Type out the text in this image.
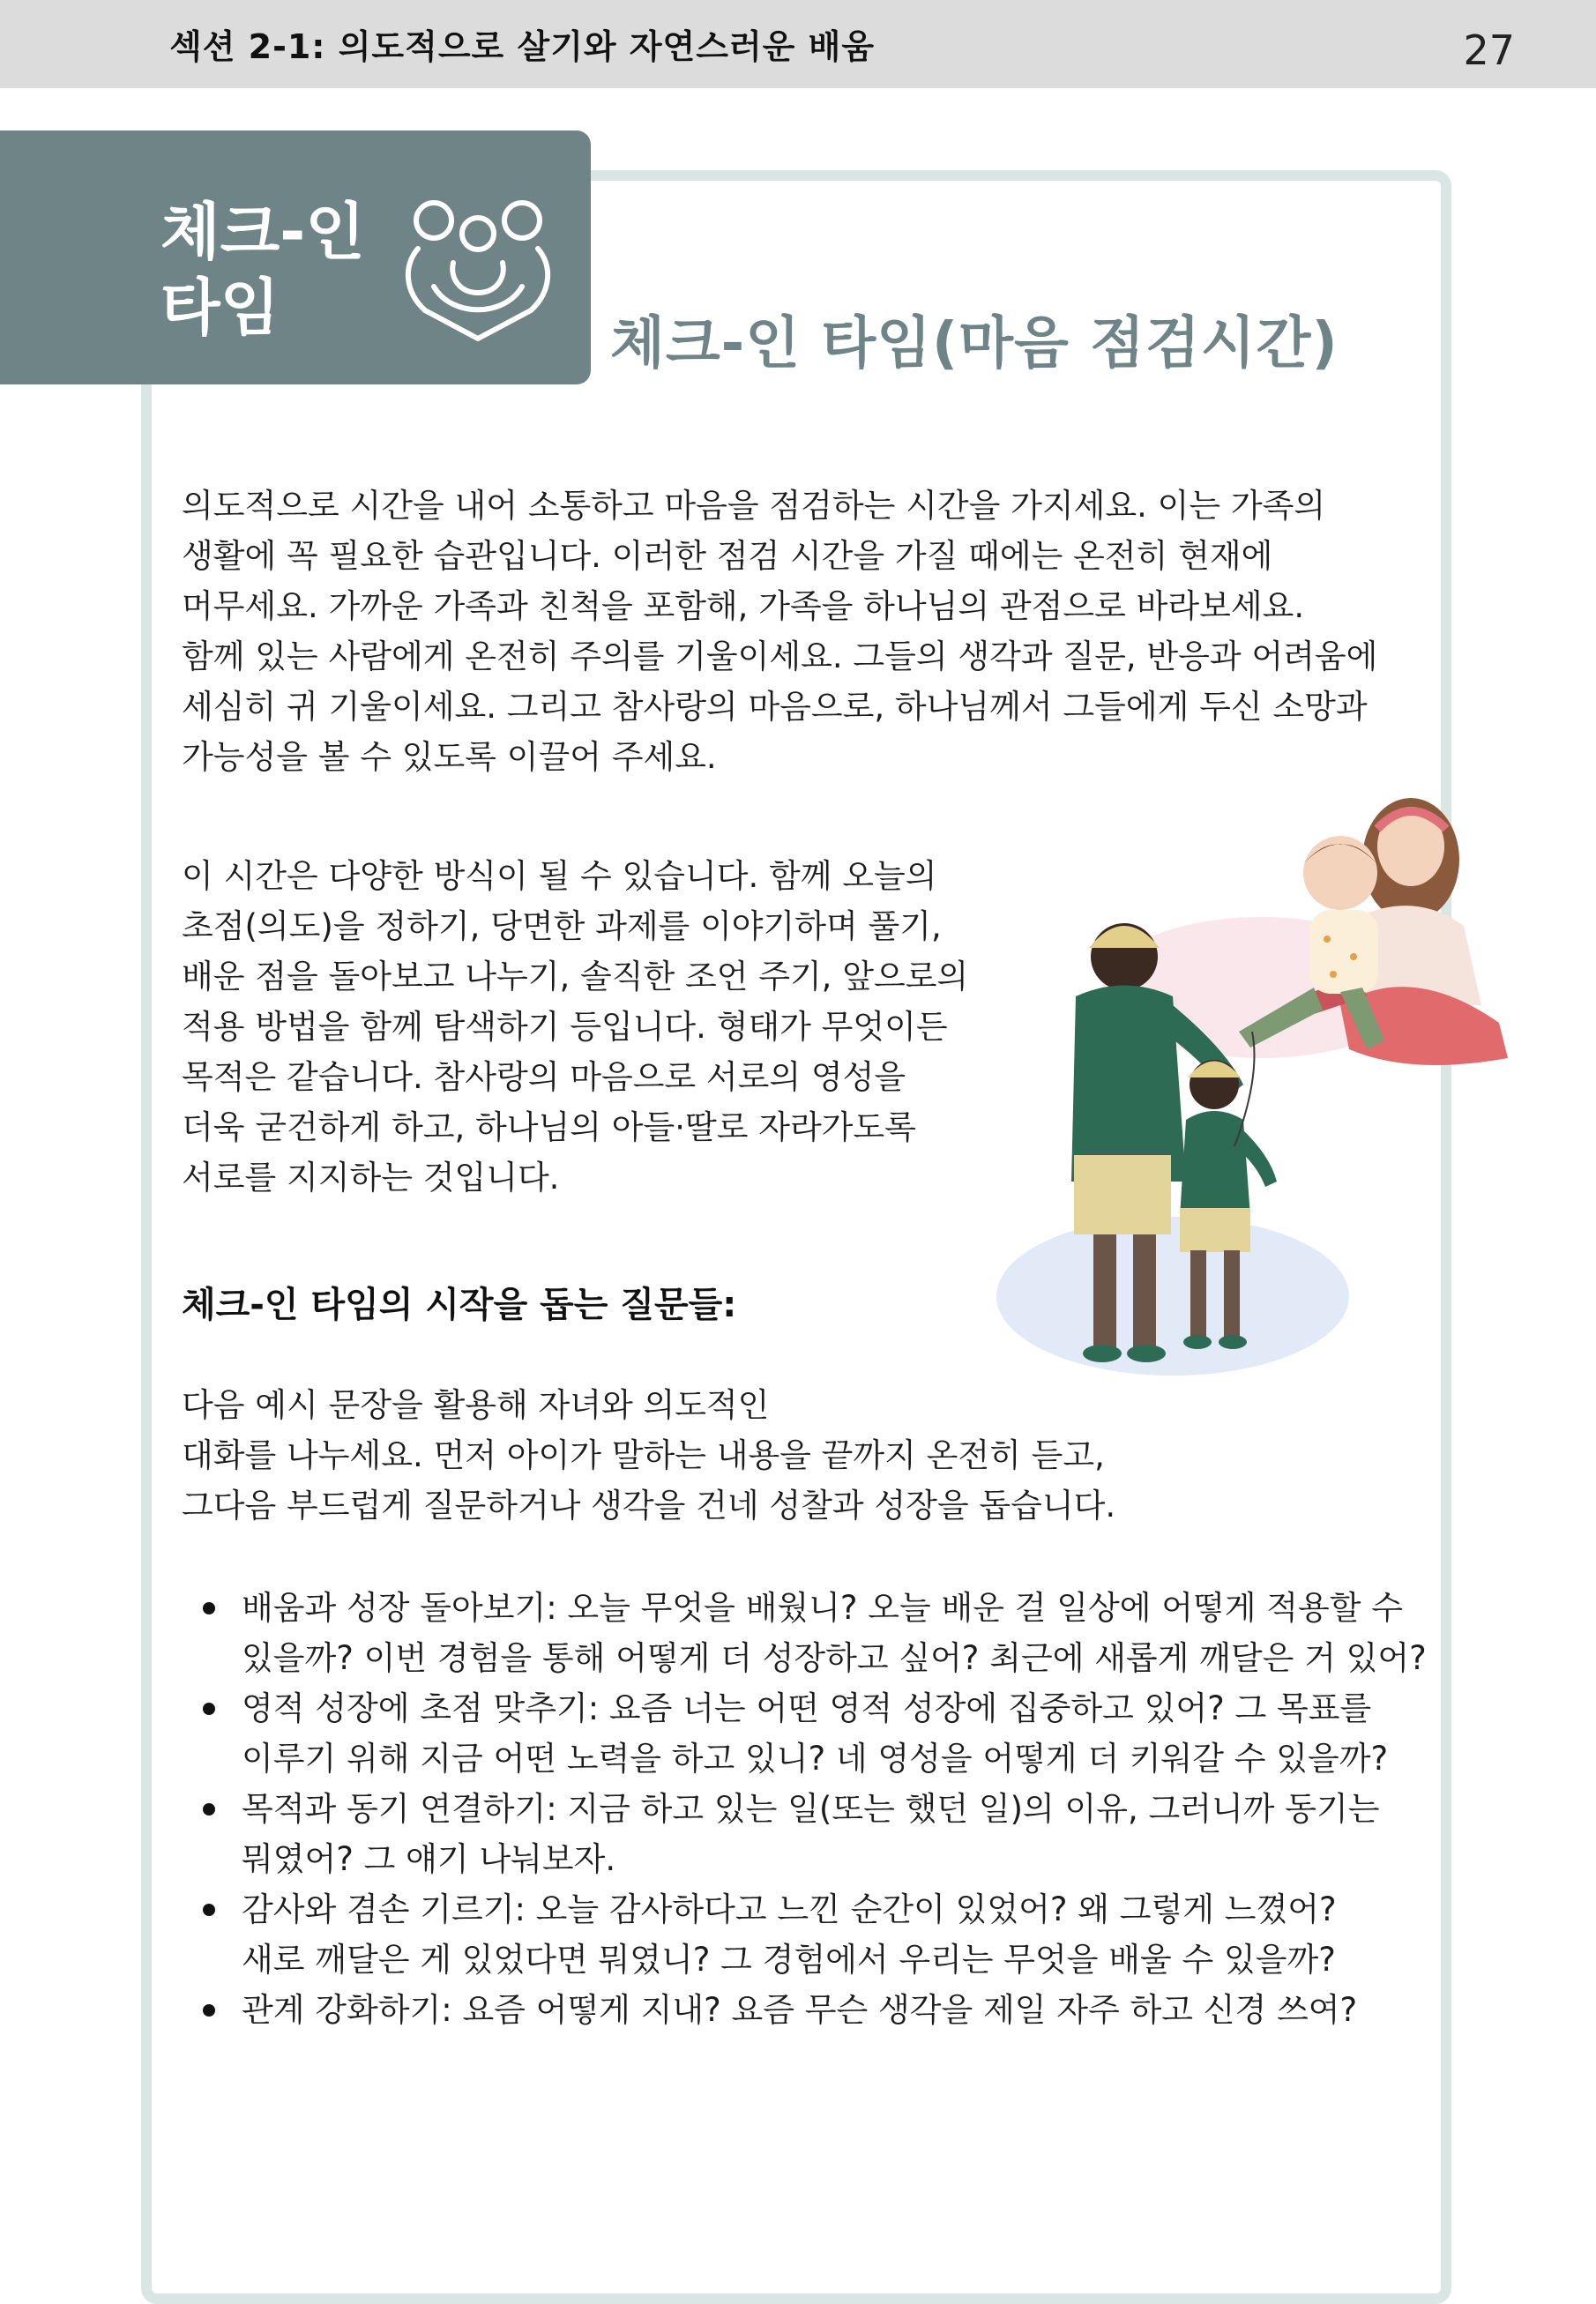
섹션 2-1: 의도적으로 살기와 자연스러운 배움	27
체크-인
타임	체크-인 타임(마음 점검시간)
의도적으로 시간을 내어 소통하고 마음을 점검하는 시간을 가지세요. 이는 가족의
생활에 꼭 필요한 습관입니다. 이러한 점검 시간을 가질 때에는 온전히 현재에
머무세요. 가까운 가족과 친척을 포함해, 가족을 하나님의 관점으로 바라보세요.
함께 있는 사람에게 온전히 주의를 기울이세요. 그들의 생각과 질문, 반응과 어려움에
세심히 귀 기울이세요. 그리고 참사랑의 마음으로, 하나님께서 그들에게 두신 소망과
가능성을 볼 수 있도록 이끌어 주세요.
이 시간은 다양한 방식이 될 수 있습니다. 함께 오늘의
초점(의도)을 정하기, 당면한 과제를 이야기하며 풀기,
배운 점을 돌아보고 나누기, 솔직한 조언 주기, 앞으로의
적용 방법을 함께 탐색하기 등입니다. 형태가 무엇이든
목적은 같습니다. 참사랑의 마음으로 서로의 영성을
더욱 굳건하게 하고, 하나님의 아들·딸로 자라가도록
서로를 지지하는 것입니다.
체크-인 타임의 시작을 돕는 질문들:
다음 예시 문장을 활용해 자녀와 의도적인
대화를 나누세요. 먼저 아이가 말하는 내용을 끝까지 온전히 듣고,
그다음 부드럽게 질문하거나 생각을 건네 성찰과 성장을 돕습니다.
배움과 성장 돌아보기: 오늘 무엇을 배웠니? 오늘 배운 걸 일상에 어떻게 적용할 수
있을까? 이번 경험을 통해 어떻게 더 성장하고 싶어? 최근에 새롭게 깨달은 거 있어?
영적 성장에 초점 맞추기: 요즘 너는 어떤 영적 성장에 집중하고 있어? 그 목표를
이루기 위해 지금 어떤 노력을 하고 있니? 네 영성을 어떻게 더 키워갈 수 있을까?
목적과 동기 연결하기: 지금 하고 있는 일(또는 했던 일)의 이유, 그러니까 동기는
뭐였어? 그 얘기 나눠보자.
감사와 겸손 기르기: 오늘 감사하다고 느낀 순간이 있었어? 왜 그렇게 느꼈어?
새로 깨달은 게 있었다면 뭐였니? 그 경험에서 우리는 무엇을 배울 수 있을까?
관계 강화하기: 요즘 어떻게 지내? 요즘 무슨 생각을 제일 자주 하고 신경 쓰여?
